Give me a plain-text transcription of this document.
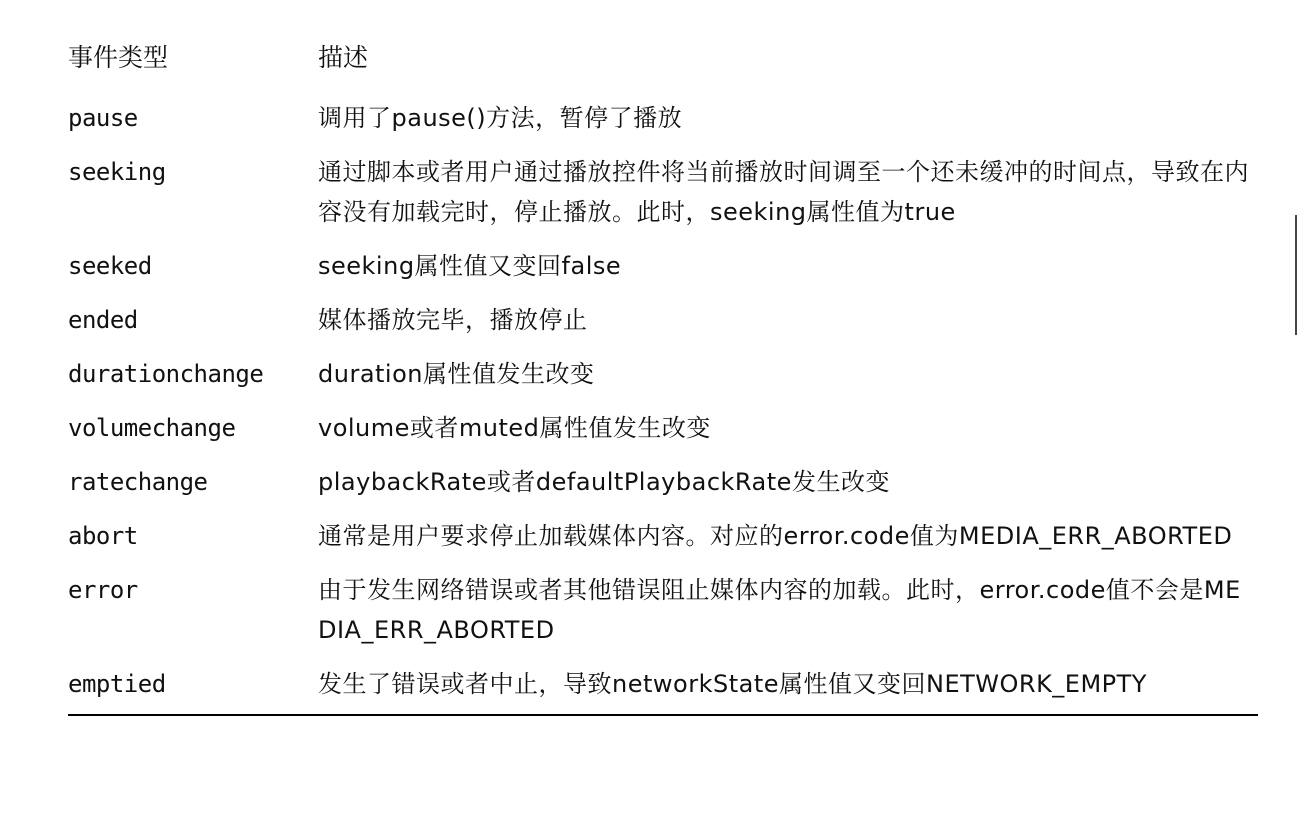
事件类型	描述
pause	调用了pause()方法，暂停了播放
seeking	通过脚本或者用户通过播放控件将当前播放时间调至一个还未缓冲的时间点，导致在内容没有加载完时，停止播放。此时，seeking属性值为true
seeked	seeking属性值又变回false
ended	媒体播放完毕，播放停止
durationchange	duration属性值发生改变
volumechange	volume或者muted属性值发生改变
ratechange	playbackRate或者defaultPlaybackRate发生改变
abort	通常是用户要求停止加载媒体内容。对应的error.code值为MEDIA_ERR_ABORTED
error	由于发生网络错误或者其他错误阻止媒体内容的加载。此时，error.code值不会是MEDIA_ERR_ABORTED
emptied	发生了错误或者中止，导致networkState属性值又变回NETWORK_EMPTY
